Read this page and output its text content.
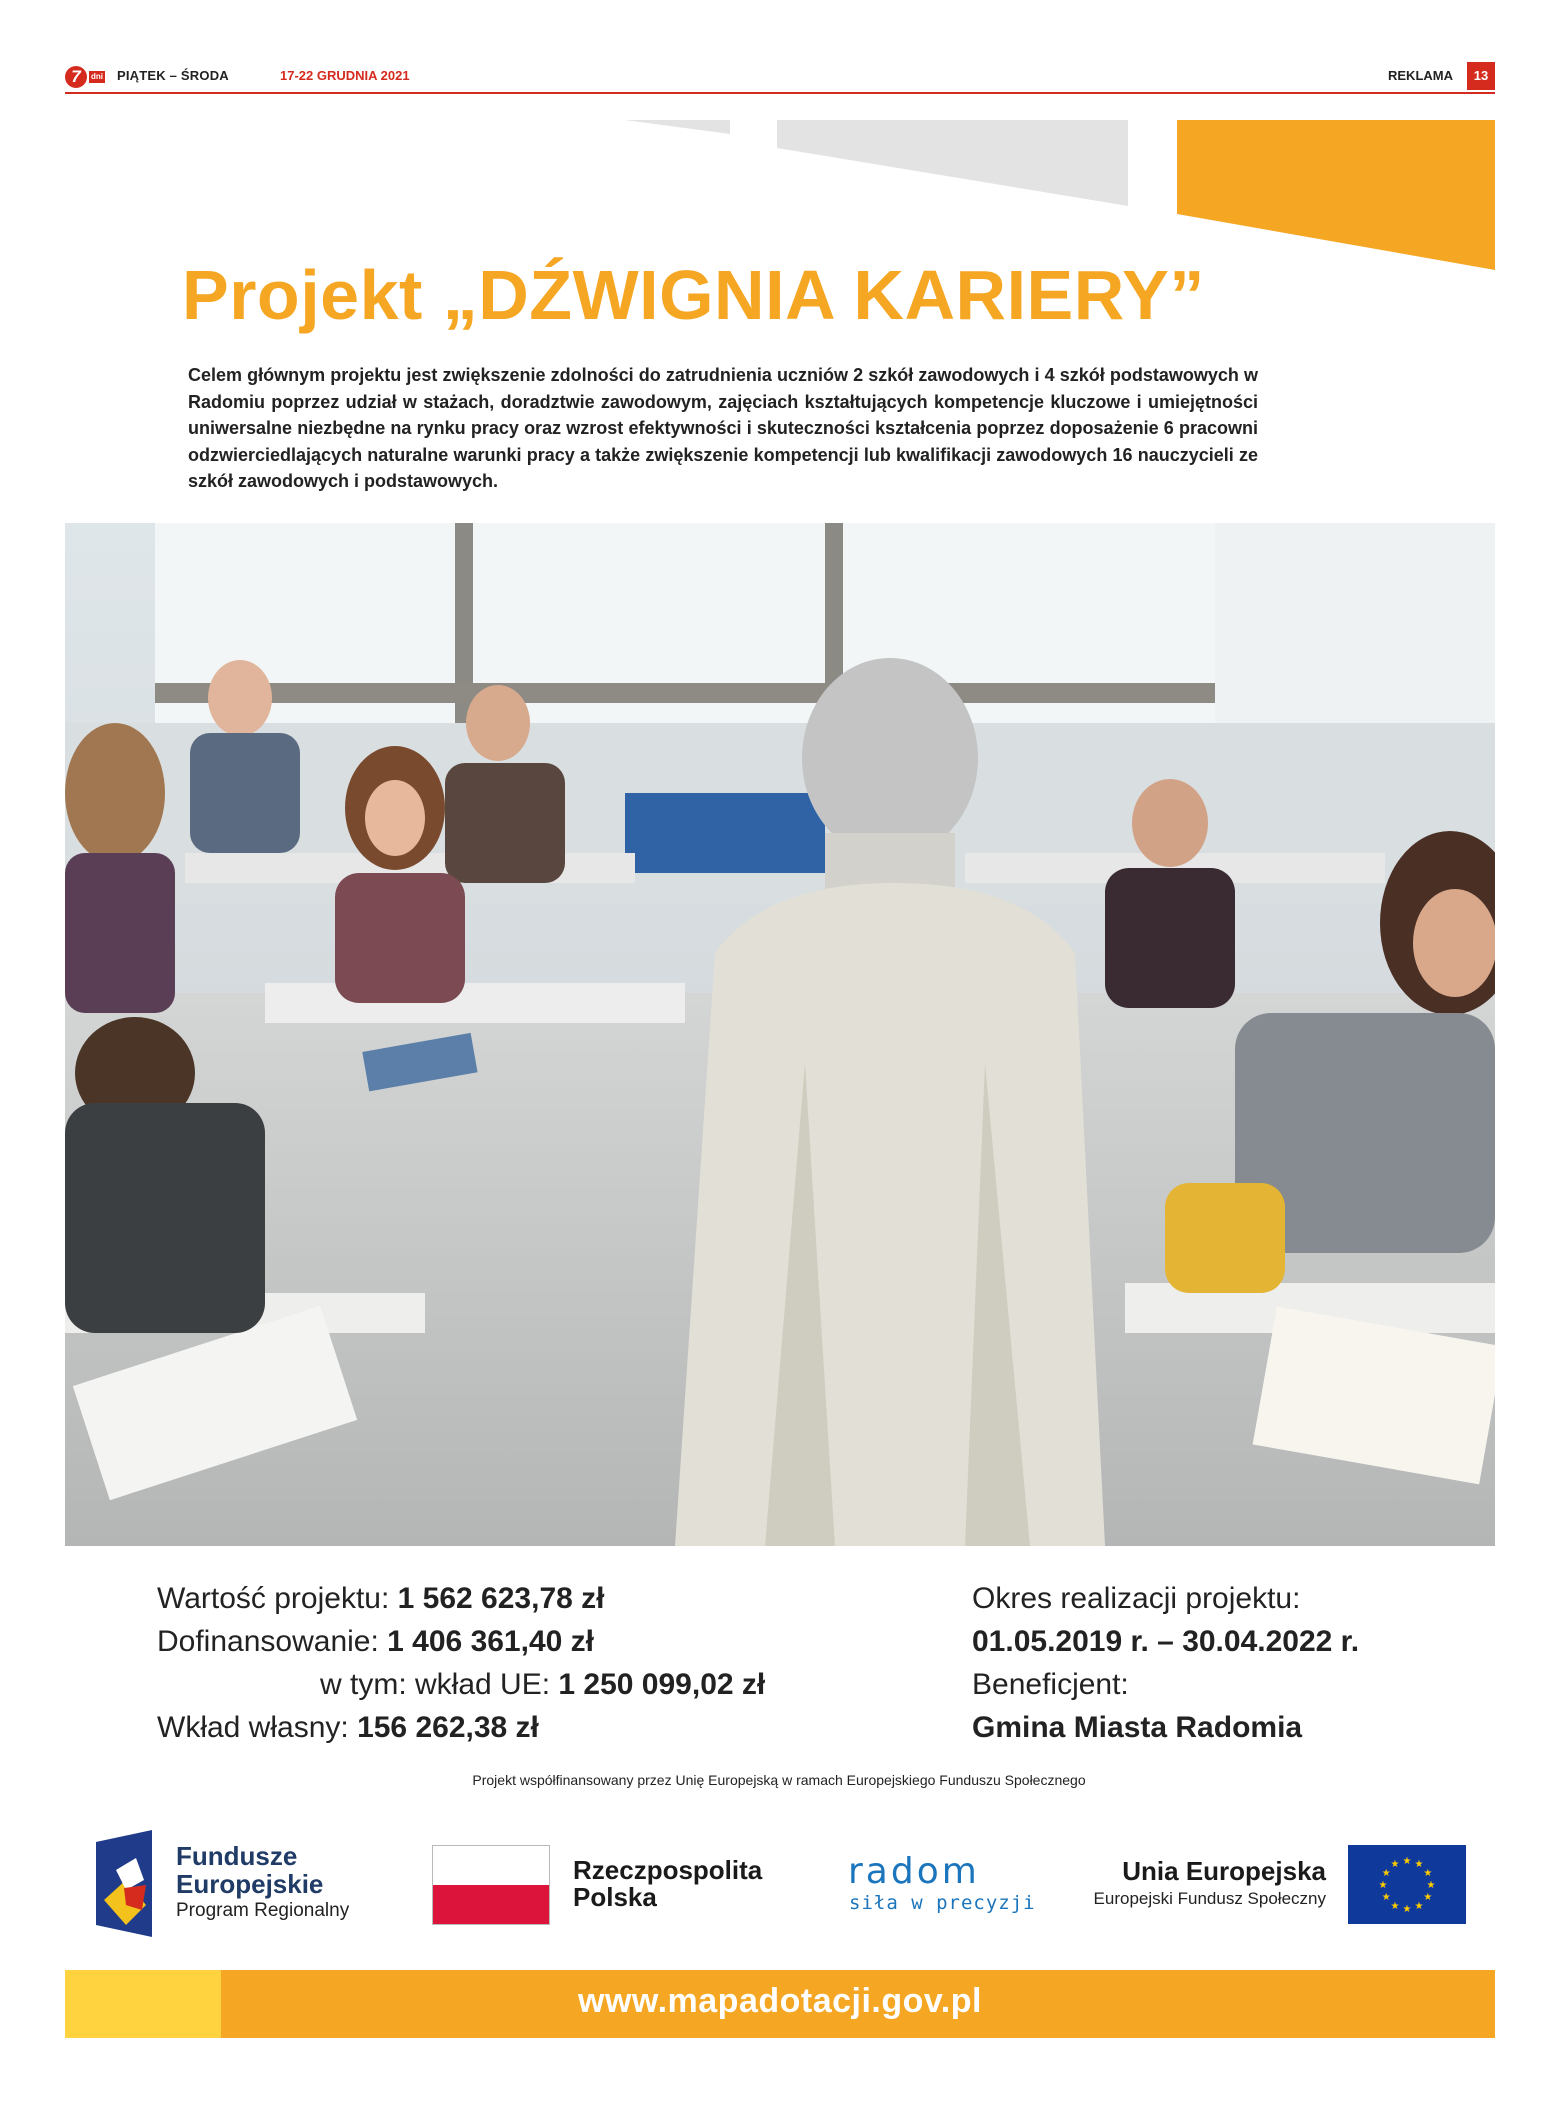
7	dni PIĄTEK – ŚRODA	17-22 GRUDNIA 2021	REKLAMA	13
Projekt „DŹWIGNIA KARIERY”
Celem głównym projektu jest zwiększenie zdolności do zatrudnienia uczniów 2 szkół zawodowych i 4 szkół podstawowych w Radomiu poprzez udział w stażach, doradztwie zawodowym, zajęciach kształtujących kompetencje kluczowe i umiejętności uniwersalne niezbędne na rynku pracy oraz wzrost efektywności i skuteczności kształcenia poprzez doposażenie 6 pracowni odzwierciedlających naturalne warunki pracy a także zwiększenie kompetencji lub kwalifikacji zawodowych 16 nauczycieli ze szkół zawodowych i podstawowych.
Wartość projektu: 1 562 623,78 zł
Dofinansowanie: 1 406 361,40 zł
w tym: wkład UE: 1 250 099,02 zł
Wkład własny: 156 262,38 zł
Okres realizacji projektu:
01.05.2019 r. – 30.04.2022 r.
Beneficjent:
Gmina Miasta Radomia
Projekt współfinansowany przez Unię Europejską w ramach Europejskiego Funduszu Społecznego
Fundusze
Europejskie
Program Regionalny
Rzeczpospolita
Polska
radom
siła w precyzji
Unia Europejska
Europejski Fundusz Społeczny
★ ★
★
★
★
★
★
★
★
★
★
★
www.mapadotacji.gov.pl
